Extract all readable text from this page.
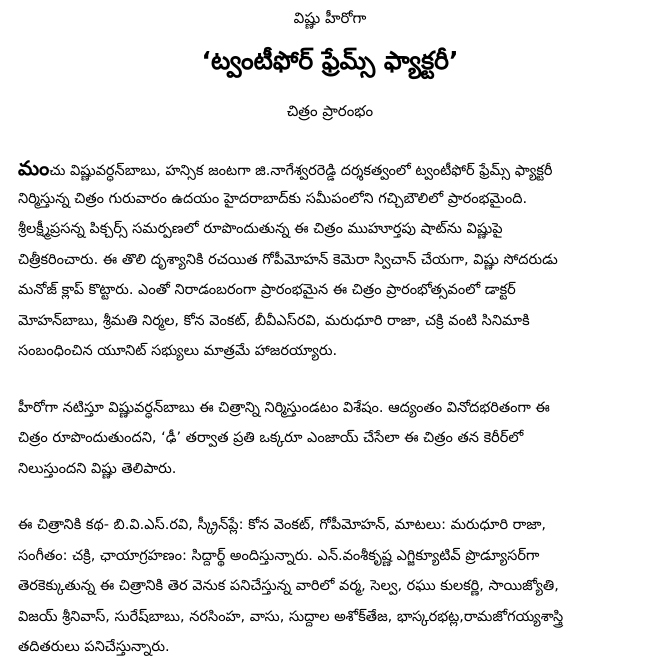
విష్ణు హీరోగా
‘ట్వంటీఫోర్ ఫ్రేమ్స్ ఫ్యాక్టరీ’
చిత్రం ప్రారంభం
మంచు విష్ణువర్ధన్‌బాబు, హన్సిక జంటగా జి.నాగేశ్వరరెడ్డి దర్శకత్వంలో ట్వంటీఫోర్ ఫ్రేమ్స్ ఫ్యాక్టరీ
నిర్మిస్తున్న చిత్రం గురువారం ఉదయం హైదరాబాద్‌కు సమీపంలోని గచ్చిబౌలిలో ప్రారంభమైంది.
శ్రీలక్ష్మీప్రసన్న పిక్చర్స్ సమర్పణలో రూపొందుతున్న ఈ చిత్రం ముహూర్తపు షాట్‌ను విష్ణుపై
చిత్రీకరించారు. ఈ తొలి దృశ్యానికి రచయిత గోపీమోహన్ కెమెరా స్విచాన్ చేయగా, విష్ణు సోదరుడు
మనోజ్ క్లాప్ కొట్టారు. ఎంతో నిరాడంబరంగా ప్రారంభమైన ఈ చిత్రం ప్రారంభోత్సవంలో డాక్టర్
మోహన్‌బాబు, శ్రీమతి నిర్మల, కోన వెంకట్, బీవీఎస్‌రవి, మరుధూరి రాజా, చక్రి వంటి సినిమాకి
సంబంధించిన యూనిట్ సభ్యులు మాత్రమే హాజరయ్యారు.
హీరోగా నటిస్తూ విష్ణువర్ధన్‌బాబు ఈ చిత్రాన్ని నిర్మిస్తుండటం విశేషం. ఆద్యంతం వినోదభరితంగా ఈ
చిత్రం రూపొందుతుందని, ‘ఢీ’ తర్వాత ప్రతి ఒక్కరూ ఎంజాయ్ చేసేలా ఈ చిత్రం తన కెరీర్‌లో
నిలుస్తుందని విష్ణు తెలిపారు.
ఈ చిత్రానికి కథ- బి.వి.ఎస్.రవి, స్క్రీన్‌ప్లే: కోన వెంకట్, గోపీమోహన్, మాటలు: మరుధూరి రాజా,
సంగీతం: చక్రి, ఛాయాగ్రహణం: సిద్దార్థ్ అందిస్తున్నారు. ఎన్.వంశీకృష్ణ ఎగ్జిక్యూటివ్ ప్రొడ్యూసర్‌గా
తెరకెక్కుతున్న ఈ చిత్రానికి తెర వెనుక పనిచేస్తున్న వారిలో వర్మ, సెల్వ, రఘు కులకర్ణి, సాయిజ్యోతి,
విజయ్ శ్రీనివాస్, సురేష్‌బాబు, నరసింహ, వాసు, సుద్దాల అశోక్‌తేజ, భాస్కరభట్ల,రామజోగయ్యశాస్త్రి
తదితరులు పనిచేస్తున్నారు.
